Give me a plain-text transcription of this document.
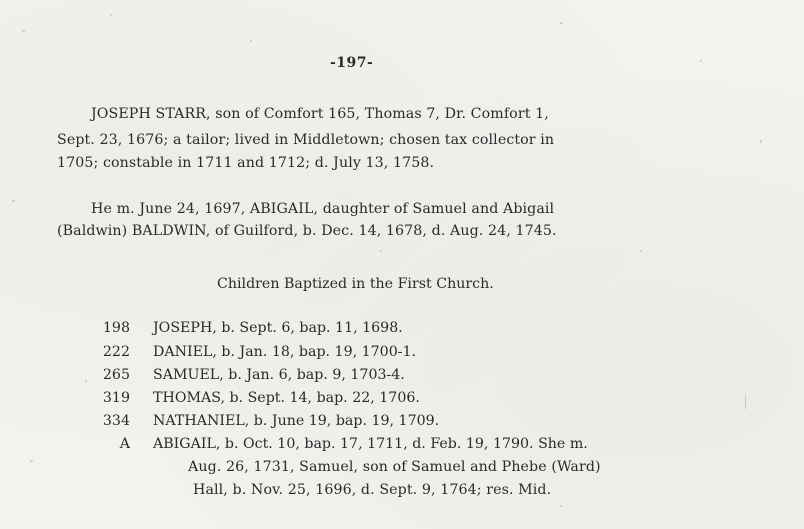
-197-
JOSEPH STARR, son of Comfort 165, Thomas 7, Dr. Comfort 1,
Sept. 23, 1676; a tailor; lived in Middletown; chosen tax collector in
1705; constable in 1711 and 1712; d. July 13, 1758.
He m. June 24, 1697, ABIGAIL, daughter of Samuel and Abigail
(Baldwin) BALDWIN, of Guilford, b. Dec. 14, 1678, d. Aug. 24, 1745.
Children Baptized in the First Church.
198 JOSEPH, b. Sept. 6, bap. 11, 1698.
222 DANIEL, b. Jan. 18, bap. 19, 1700-1.
265 SAMUEL, b. Jan. 6, bap. 9, 1703-4.
319 THOMAS, b. Sept. 14, bap. 22, 1706.
334 NATHANIEL, b. June 19, bap. 19, 1709.
A ABIGAIL, b. Oct. 10, bap. 17, 1711, d. Feb. 19, 1790. She m.
Aug. 26, 1731, Samuel, son of Samuel and Phebe (Ward)
Hall, b. Nov. 25, 1696, d. Sept. 9, 1764; res. Mid.
